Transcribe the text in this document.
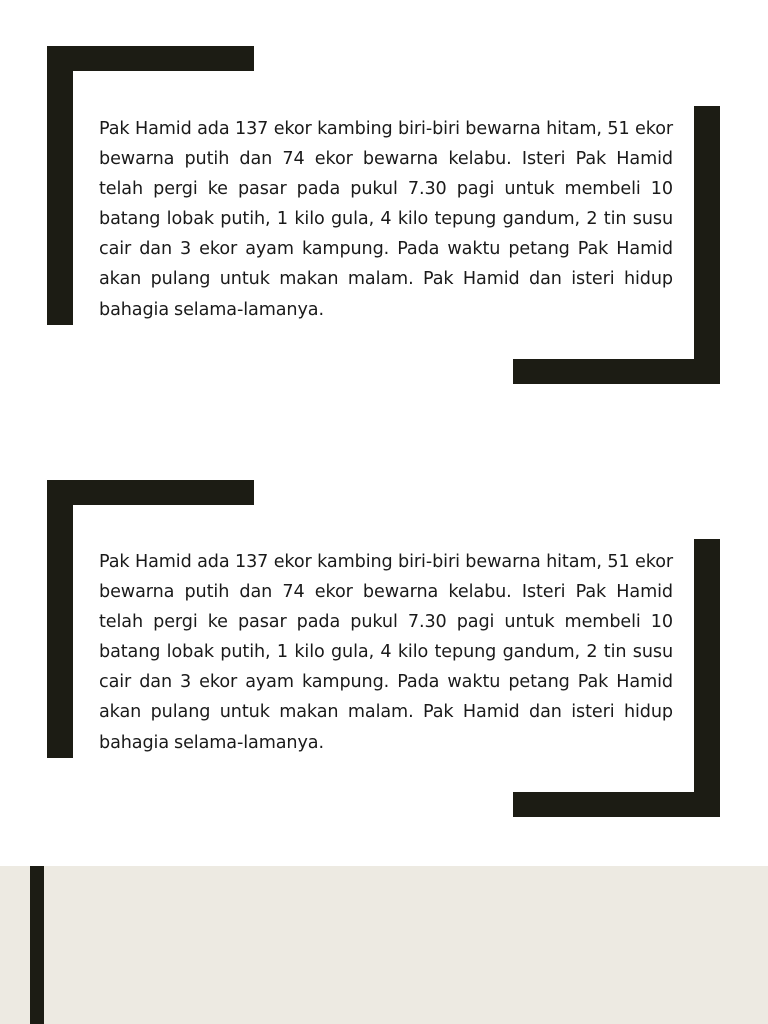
Pak Hamid ada 137 ekor kambing biri-biri bewarna hitam, 51 ekor bewarna putih dan 74 ekor bewarna kelabu. Isteri Pak Hamid telah pergi ke pasar pada pukul 7.30 pagi untuk membeli 10 batang lobak putih, 1 kilo gula, 4 kilo tepung gandum, 2 tin susu cair dan 3 ekor ayam kampung. Pada waktu petang Pak Hamid akan pulang untuk makan malam. Pak Hamid dan isteri hidup bahagia selama-lamanya.

Pak Hamid ada 137 ekor kambing biri-biri bewarna hitam, 51 ekor bewarna putih dan 74 ekor bewarna kelabu. Isteri Pak Hamid telah pergi ke pasar pada pukul 7.30 pagi untuk membeli 10 batang lobak putih, 1 kilo gula, 4 kilo tepung gandum, 2 tin susu cair dan 3 ekor ayam kampung. Pada waktu petang Pak Hamid akan pulang untuk makan malam. Pak Hamid dan isteri hidup bahagia selama-lamanya.
